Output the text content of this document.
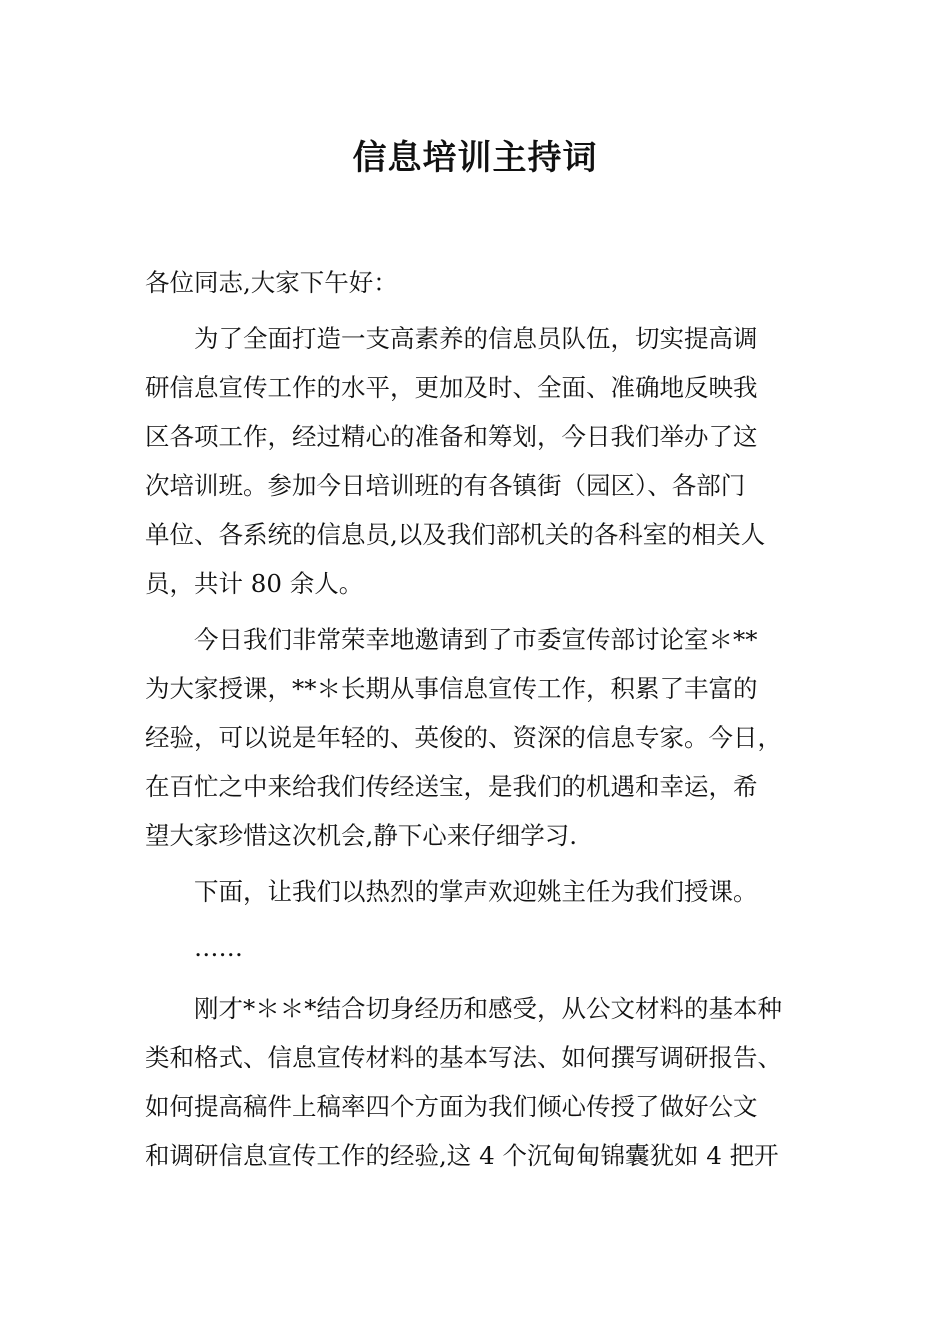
信息培训主持词
各位同志,大家下午好：
为了全面打造一支高素养的信息员队伍，切实提高调
研信息宣传工作的水平，更加及时、全面、准确地反映我
区各项工作，经过精心的准备和筹划，今日我们举办了这
次培训班。参加今日培训班的有各镇街（园区）、各部门
单位、各系统的信息员,以及我们部机关的各科室的相关人
员，共计 80 余人。
今日我们非常荣幸地邀请到了市委宣传部讨论室＊**
为大家授课，**＊长期从事信息宣传工作，积累了丰富的
经验，可以说是年轻的、英俊的、资深的信息专家。今日，
在百忙之中来给我们传经送宝，是我们的机遇和幸运，希
望大家珍惜这次机会,静下心来仔细学习.
下面，让我们以热烈的掌声欢迎姚主任为我们授课。
……
刚才*＊＊*结合切身经历和感受，从公文材料的基本种
类和格式、信息宣传材料的基本写法、如何撰写调研报告、
如何提高稿件上稿率四个方面为我们倾心传授了做好公文
和调研信息宣传工作的经验,这 4 个沉甸甸锦囊犹如 4 把开
